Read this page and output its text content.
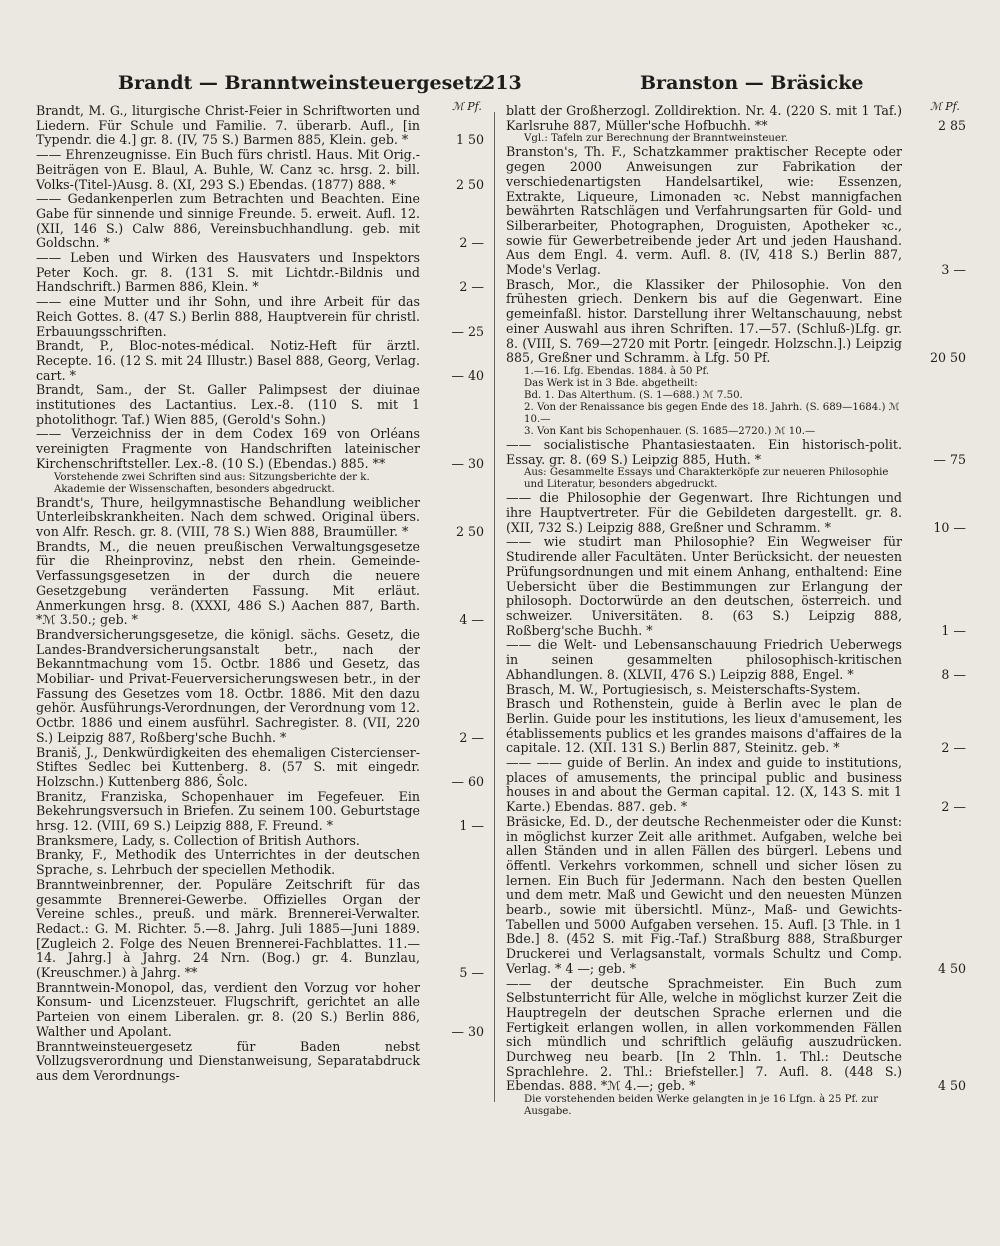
Brandt — Branntweinsteuergesetz
213	Branston — Bräsicke
ℳ Pf.	ℳ Pf.
Brandt, M. G., liturgische Christ-Feier in Schriftworten und Liedern. Für Schule und Familie. 7. überarb. Aufl., [in Typendr. die 4.] gr. 8. (IV, 75 S.) Barmen 885, Klein. geb. *	1 50
—— Ehrenzeugnisse. Ein Buch fürs christl. Haus. Mit Orig.-Beiträgen von E. Blaul, A. Buhle, W. Canz ꝛc. hrsg. 2. bill. Volks-(Titel-)Ausg. 8. (XI, 293 S.) Ebendas. (1877) 888. *	2 50
—— Gedankenperlen zum Betrachten und Beachten. Eine Gabe für sinnende und sinnige Freunde. 5. erweit. Aufl. 12. (XII, 146 S.) Calw 886, Vereinsbuchhandlung. geb. mit Goldschn. *	2 —
—— Leben und Wirken des Hausvaters und Inspektors Peter Koch. gr. 8. (131 S. mit Lichtdr.-Bildnis und Handschrift.) Barmen 886, Klein. *	2 —
—— eine Mutter und ihr Sohn, und ihre Arbeit für das Reich Gottes. 8. (47 S.) Berlin 888, Hauptverein für christl. Erbauungsschriften.	— 25
Brandt, P., Bloc-notes-médical. Notiz-Heft für ärztl. Recepte. 16. (12 S. mit 24 Illustr.) Basel 888, Georg, Verlag. cart. *	— 40
Brandt, Sam., der St. Galler Palimpsest der diuinae institutiones des Lactantius. Lex.-8. (110 S. mit 1 photolithogr. Taf.) Wien 885, (Gerold's Sohn.)
—— Verzeichniss der in dem Codex 169 von Orléans vereinigten Fragmente von Handschriften lateinischer Kirchenschriftsteller. Lex.-8. (10 S.) (Ebendas.) 885. **	— 30
Vorstehende zwei Schriften sind aus: Sitzungsberichte der k. Akademie der Wissenschaften, besonders abgedruckt.
Brandt's, Thure, heilgymnastische Behandlung weiblicher Unterleibskrankheiten. Nach dem schwed. Original übers. von Alfr. Resch. gr. 8. (VIII, 78 S.) Wien 888, Braumüller. *	2 50
Brandts, M., die neuen preußischen Verwaltungsgesetze für die Rheinprovinz, nebst den rhein. Gemeinde-Verfassungsgesetzen in der durch die neuere Gesetzgebung veränderten Fassung. Mit erläut. Anmerkungen hrsg. 8. (XXXI, 486 S.) Aachen 887, Barth. *ℳ 3.50.; geb. *	4 —
Brandversicherungsgesetze, die königl. sächs. Gesetz, die Landes-Brandversicherungsanstalt betr., nach der Bekanntmachung vom 15. Octbr. 1886 und Gesetz, das Mobiliar- und Privat-Feuerversicherungswesen betr., in der Fassung des Gesetzes vom 18. Octbr. 1886. Mit den dazu gehör. Ausführungs-Verordnungen, der Verordnung vom 12. Octbr. 1886 und einem ausführl. Sachregister. 8. (VII, 220 S.) Leipzig 887, Roßberg'sche Buchh. *	2 —
Braniš, J., Denkwürdigkeiten des ehemaligen Cistercienser-Stiftes Sedlec bei Kuttenberg. 8. (57 S. mit eingedr. Holzschn.) Kuttenberg 886, Šolc.	— 60
Branitz, Franziska, Schopenhauer im Fegefeuer. Ein Bekehrungsversuch in Briefen. Zu seinem 100. Geburtstage hrsg. 12. (VIII, 69 S.) Leipzig 888, F. Freund. *	1 —
Branksmere, Lady, s. Collection of British Authors.
Branky, F., Methodik des Unterrichtes in der deutschen Sprache, s. Lehrbuch der speciellen Methodik.
Branntweinbrenner, der. Populäre Zeitschrift für das gesammte Brennerei-Gewerbe. Offizielles Organ der Vereine schles., preuß. und märk. Brennerei-Verwalter. Redact.: G. M. Richter. 5.—8. Jahrg. Juli 1885—Juni 1889. [Zugleich 2. Folge des Neuen Brennerei-Fachblattes. 11.—14. Jahrg.] à Jahrg. 24 Nrn. (Bog.) gr. 4. Bunzlau, (Kreuschmer.) à Jahrg. **	5 —
Branntwein-Monopol, das, verdient den Vorzug vor hoher Konsum- und Licenzsteuer. Flugschrift, gerichtet an alle Parteien von einem Liberalen. gr. 8. (20 S.) Berlin 886, Walther und Apolant.	— 30
Branntweinsteuergesetz für Baden nebst Vollzugsverordnung und Dienstanweisung, Separatabdruck aus dem Verordnungs-
blatt der Großherzogl. Zolldirektion. Nr. 4. (220 S. mit 1 Taf.) Karlsruhe 887, Müller'sche Hofbuchh. **	2 85
Vgl.: Tafeln zur Berechnung der Branntweinsteuer.
Branston's, Th. F., Schatzkammer praktischer Recepte oder gegen 2000 Anweisungen zur Fabrikation der verschiedenartigsten Handelsartikel, wie: Essenzen, Extrakte, Liqueure, Limonaden ꝛc. Nebst mannigfachen bewährten Ratschlägen und Verfahrungsarten für Gold- und Silberarbeiter, Photographen, Droguisten, Apotheker ꝛc., sowie für Gewerbetreibende jeder Art und jeden Haushand. Aus dem Engl. 4. verm. Aufl. 8. (IV, 418 S.) Berlin 887, Mode's Verlag.	3 —
Brasch, Mor., die Klassiker der Philosophie. Von den frühesten griech. Denkern bis auf die Gegenwart. Eine gemeinfaßl. histor. Darstellung ihrer Weltanschauung, nebst einer Auswahl aus ihren Schriften. 17.—57. (Schluß-)Lfg. gr. 8. (VIII, S. 769—2720 mit Portr. [eingedr. Holzschn.].) Leipzig 885, Greßner und Schramm. à Lfg. 50 Pf.	20 50
1.—16. Lfg. Ebendas. 1884. à 50 Pf.
Das Werk ist in 3 Bde. abgetheilt:
Bd. 1. Das Alterthum. (S. 1—688.) ℳ 7.50.
2. Von der Renaissance bis gegen Ende des 18. Jahrh. (S. 689—1684.) ℳ 10.—
3. Von Kant bis Schopenhauer. (S. 1685—2720.) ℳ 10.—
—— socialistische Phantasiestaaten. Ein historisch-polit. Essay. gr. 8. (69 S.) Leipzig 885, Huth. *	— 75
Aus: Gesammelte Essays und Charakterköpfe zur neueren Philosophie und Literatur, besonders abgedruckt.
—— die Philosophie der Gegenwart. Ihre Richtungen und ihre Hauptvertreter. Für die Gebildeten dargestellt. gr. 8. (XII, 732 S.) Leipzig 888, Greßner und Schramm. *	10 —
—— wie studirt man Philosophie? Ein Wegweiser für Studirende aller Facultäten. Unter Berücksicht. der neuesten Prüfungsordnungen und mit einem Anhang, enthaltend: Eine Uebersicht über die Bestimmungen zur Erlangung der philosoph. Doctorwürde an den deutschen, österreich. und schweizer. Universitäten. 8. (63 S.) Leipzig 888, Roßberg'sche Buchh. *	1 —
—— die Welt- und Lebensanschauung Friedrich Ueberwegs in seinen gesammelten philosophisch-kritischen Abhandlungen. 8. (XLVII, 476 S.) Leipzig 888, Engel. *	8 —
Brasch, M. W., Portugiesisch, s. Meisterschafts-System.
Brasch und Rothenstein, guide à Berlin avec le plan de Berlin. Guide pour les institutions, les lieux d'amusement, les établissements publics et les grandes maisons d'affaires de la capitale. 12. (XII. 131 S.) Berlin 887, Steinitz. geb. *	2 —
—— —— guide of Berlin. An index and guide to institutions, places of amusements, the principal public and business houses in and about the German capital. 12. (X, 143 S. mit 1 Karte.) Ebendas. 887. geb. *	2 —
Bräsicke, Ed. D., der deutsche Rechenmeister oder die Kunst: in möglichst kurzer Zeit alle arithmet. Aufgaben, welche bei allen Ständen und in allen Fällen des bürgerl. Lebens und öffentl. Verkehrs vorkommen, schnell und sicher lösen zu lernen. Ein Buch für Jedermann. Nach den besten Quellen und dem metr. Maß und Gewicht und den neuesten Münzen bearb., sowie mit übersichtl. Münz-, Maß- und Gewichts-Tabellen und 5000 Aufgaben versehen. 15. Aufl. [3 Thle. in 1 Bde.] 8. (452 S. mit Fig.-Taf.) Straßburg 888, Straßburger Druckerei und Verlagsanstalt, vormals Schultz und Comp. Verlag. * 4 —; geb. *	4 50
—— der deutsche Sprachmeister. Ein Buch zum Selbstunterricht für Alle, welche in möglichst kurzer Zeit die Hauptregeln der deutschen Sprache erlernen und die Fertigkeit erlangen wollen, in allen vorkommenden Fällen sich mündlich und schriftlich geläufig auszudrücken. Durchweg neu bearb. [In 2 Thln. 1. Thl.: Deutsche Sprachlehre. 2. Thl.: Briefsteller.] 7. Aufl. 8. (448 S.) Ebendas. 888. *ℳ 4.—; geb. *	4 50
Die vorstehenden beiden Werke gelangten in je 16 Lfgn. à 25 Pf. zur Ausgabe.
